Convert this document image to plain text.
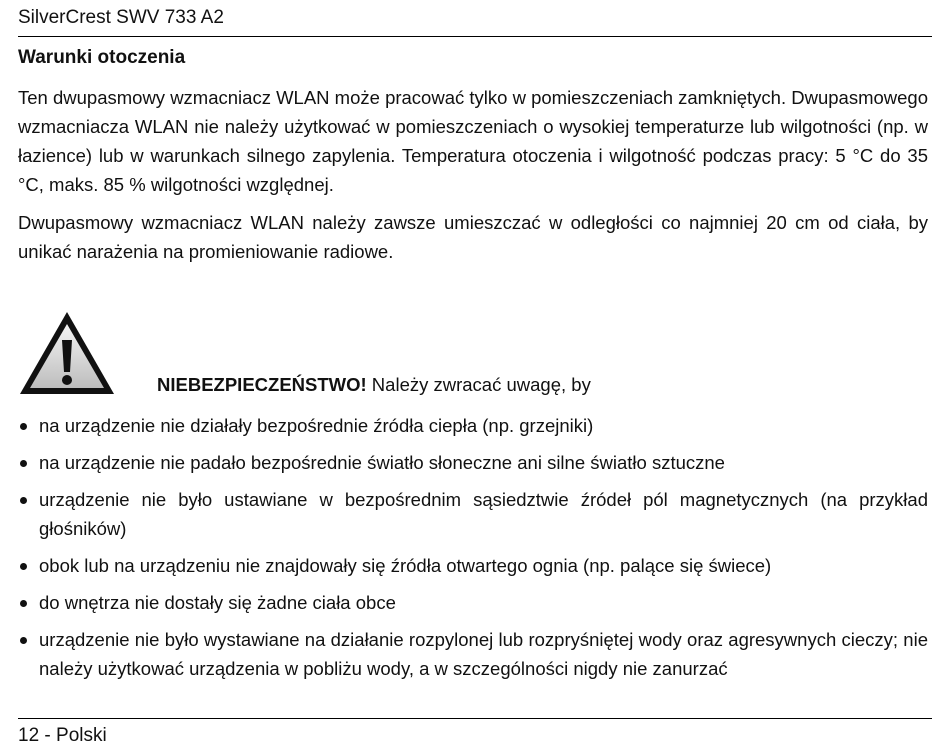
SilverCrest SWV 733 A2
Warunki otoczenia

Ten dwupasmowy wzmacniacz WLAN może pracować tylko w pomieszczeniach zamkniętych. Dwupasmowego wzmacniacza WLAN nie należy użytkować w pomieszczeniach o wysokiej temperaturze lub wilgotności (np. w łazience) lub w warunkach silnego zapylenia. Temperatura otoczenia i wilgotność podczas pracy: 5 °C do 35 °C, maks. 85 % wilgotności względnej.

Dwupasmowy wzmacniacz WLAN należy zawsze umieszczać w odległości co najmniej 20 cm od ciała, by unikać narażenia na promieniowanie radiowe.

NIEBEZPIECZEŃSTWO! Należy zwracać uwagę, by
na urządzenie nie działały bezpośrednie źródła ciepła (np. grzejniki)
na urządzenie nie padało bezpośrednie światło słoneczne ani silne światło sztuczne
urządzenie nie było ustawiane w bezpośrednim sąsiedztwie źródeł pól magnetycznych (na przykład głośników)
obok lub na urządzeniu nie znajdowały się źródła otwartego ognia (np. palące się świece)
do wnętrza nie dostały się żadne ciała obce
urządzenie nie było wystawiane na działanie rozpylonej lub rozpryśniętej wody oraz agresywnych cieczy; nie należy użytkować urządzenia w pobliżu wody, a w szczególności nigdy nie zanurzać
12 - Polski
